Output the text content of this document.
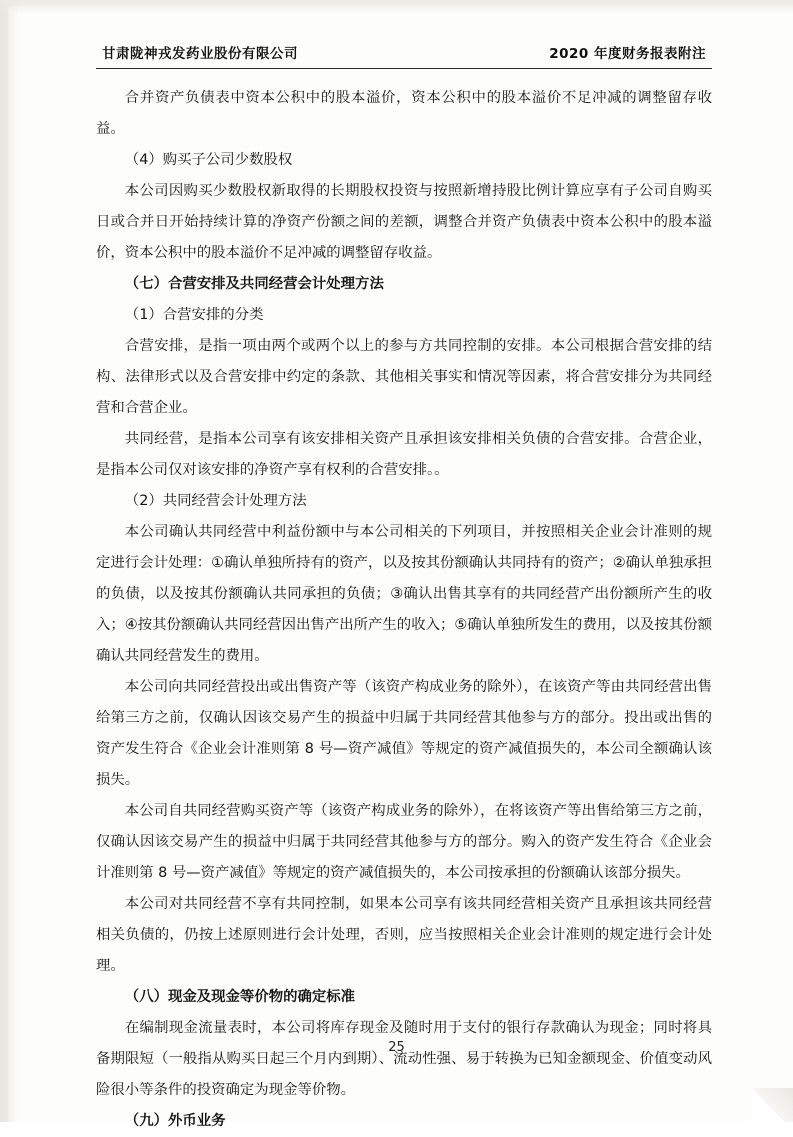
甘肃陇神戎发药业股份有限公司	2020 年度财务报表附注

合并资产负债表中资本公积中的股本溢价，资本公积中的股本溢价不足冲减的调整留存收益。

（4）购买子公司少数股权

本公司因购买少数股权新取得的长期股权投资与按照新增持股比例计算应享有子公司自购买日或合并日开始持续计算的净资产份额之间的差额，调整合并资产负债表中资本公积中的股本溢价，资本公积中的股本溢价不足冲减的调整留存收益。

（七）合营安排及共同经营会计处理方法

（1）合营安排的分类

合营安排，是指一项由两个或两个以上的参与方共同控制的安排。本公司根据合营安排的结构、法律形式以及合营安排中约定的条款、其他相关事实和情况等因素，将合营安排分为共同经营和合营企业。

共同经营，是指本公司享有该安排相关资产且承担该安排相关负债的合营安排。合营企业，是指本公司仅对该安排的净资产享有权利的合营安排。。

（2）共同经营会计处理方法

本公司确认共同经营中利益份额中与本公司相关的下列项目，并按照相关企业会计准则的规定进行会计处理：①确认单独所持有的资产，以及按其份额确认共同持有的资产；②确认单独承担的负债，以及按其份额确认共同承担的负债；③确认出售其享有的共同经营产出份额所产生的收入；④按其份额确认共同经营因出售产出所产生的收入；⑤确认单独所发生的费用，以及按其份额确认共同经营发生的费用。

本公司向共同经营投出或出售资产等（该资产构成业务的除外），在该资产等由共同经营出售给第三方之前，仅确认因该交易产生的损益中归属于共同经营其他参与方的部分。投出或出售的资产发生符合《企业会计准则第 8 号—资产减值》等规定的资产减值损失的，本公司全额确认该损失。

本公司自共同经营购买资产等（该资产构成业务的除外），在将该资产等出售给第三方之前，仅确认因该交易产生的损益中归属于共同经营其他参与方的部分。购入的资产发生符合《企业会计准则第 8 号—资产减值》等规定的资产减值损失的，本公司按承担的份额确认该部分损失。

本公司对共同经营不享有共同控制，如果本公司享有该共同经营相关资产且承担该共同经营相关负债的，仍按上述原则进行会计处理，否则，应当按照相关企业会计准则的规定进行会计处理。

（八）现金及现金等价物的确定标准

在编制现金流量表时，本公司将库存现金及随时用于支付的银行存款确认为现金；同时将具备期限短（一般指从购买日起三个月内到期）、流动性强、易于转换为已知金额现金、价值变动风险很小等条件的投资确定为现金等价物。

（九）外币业务

25
